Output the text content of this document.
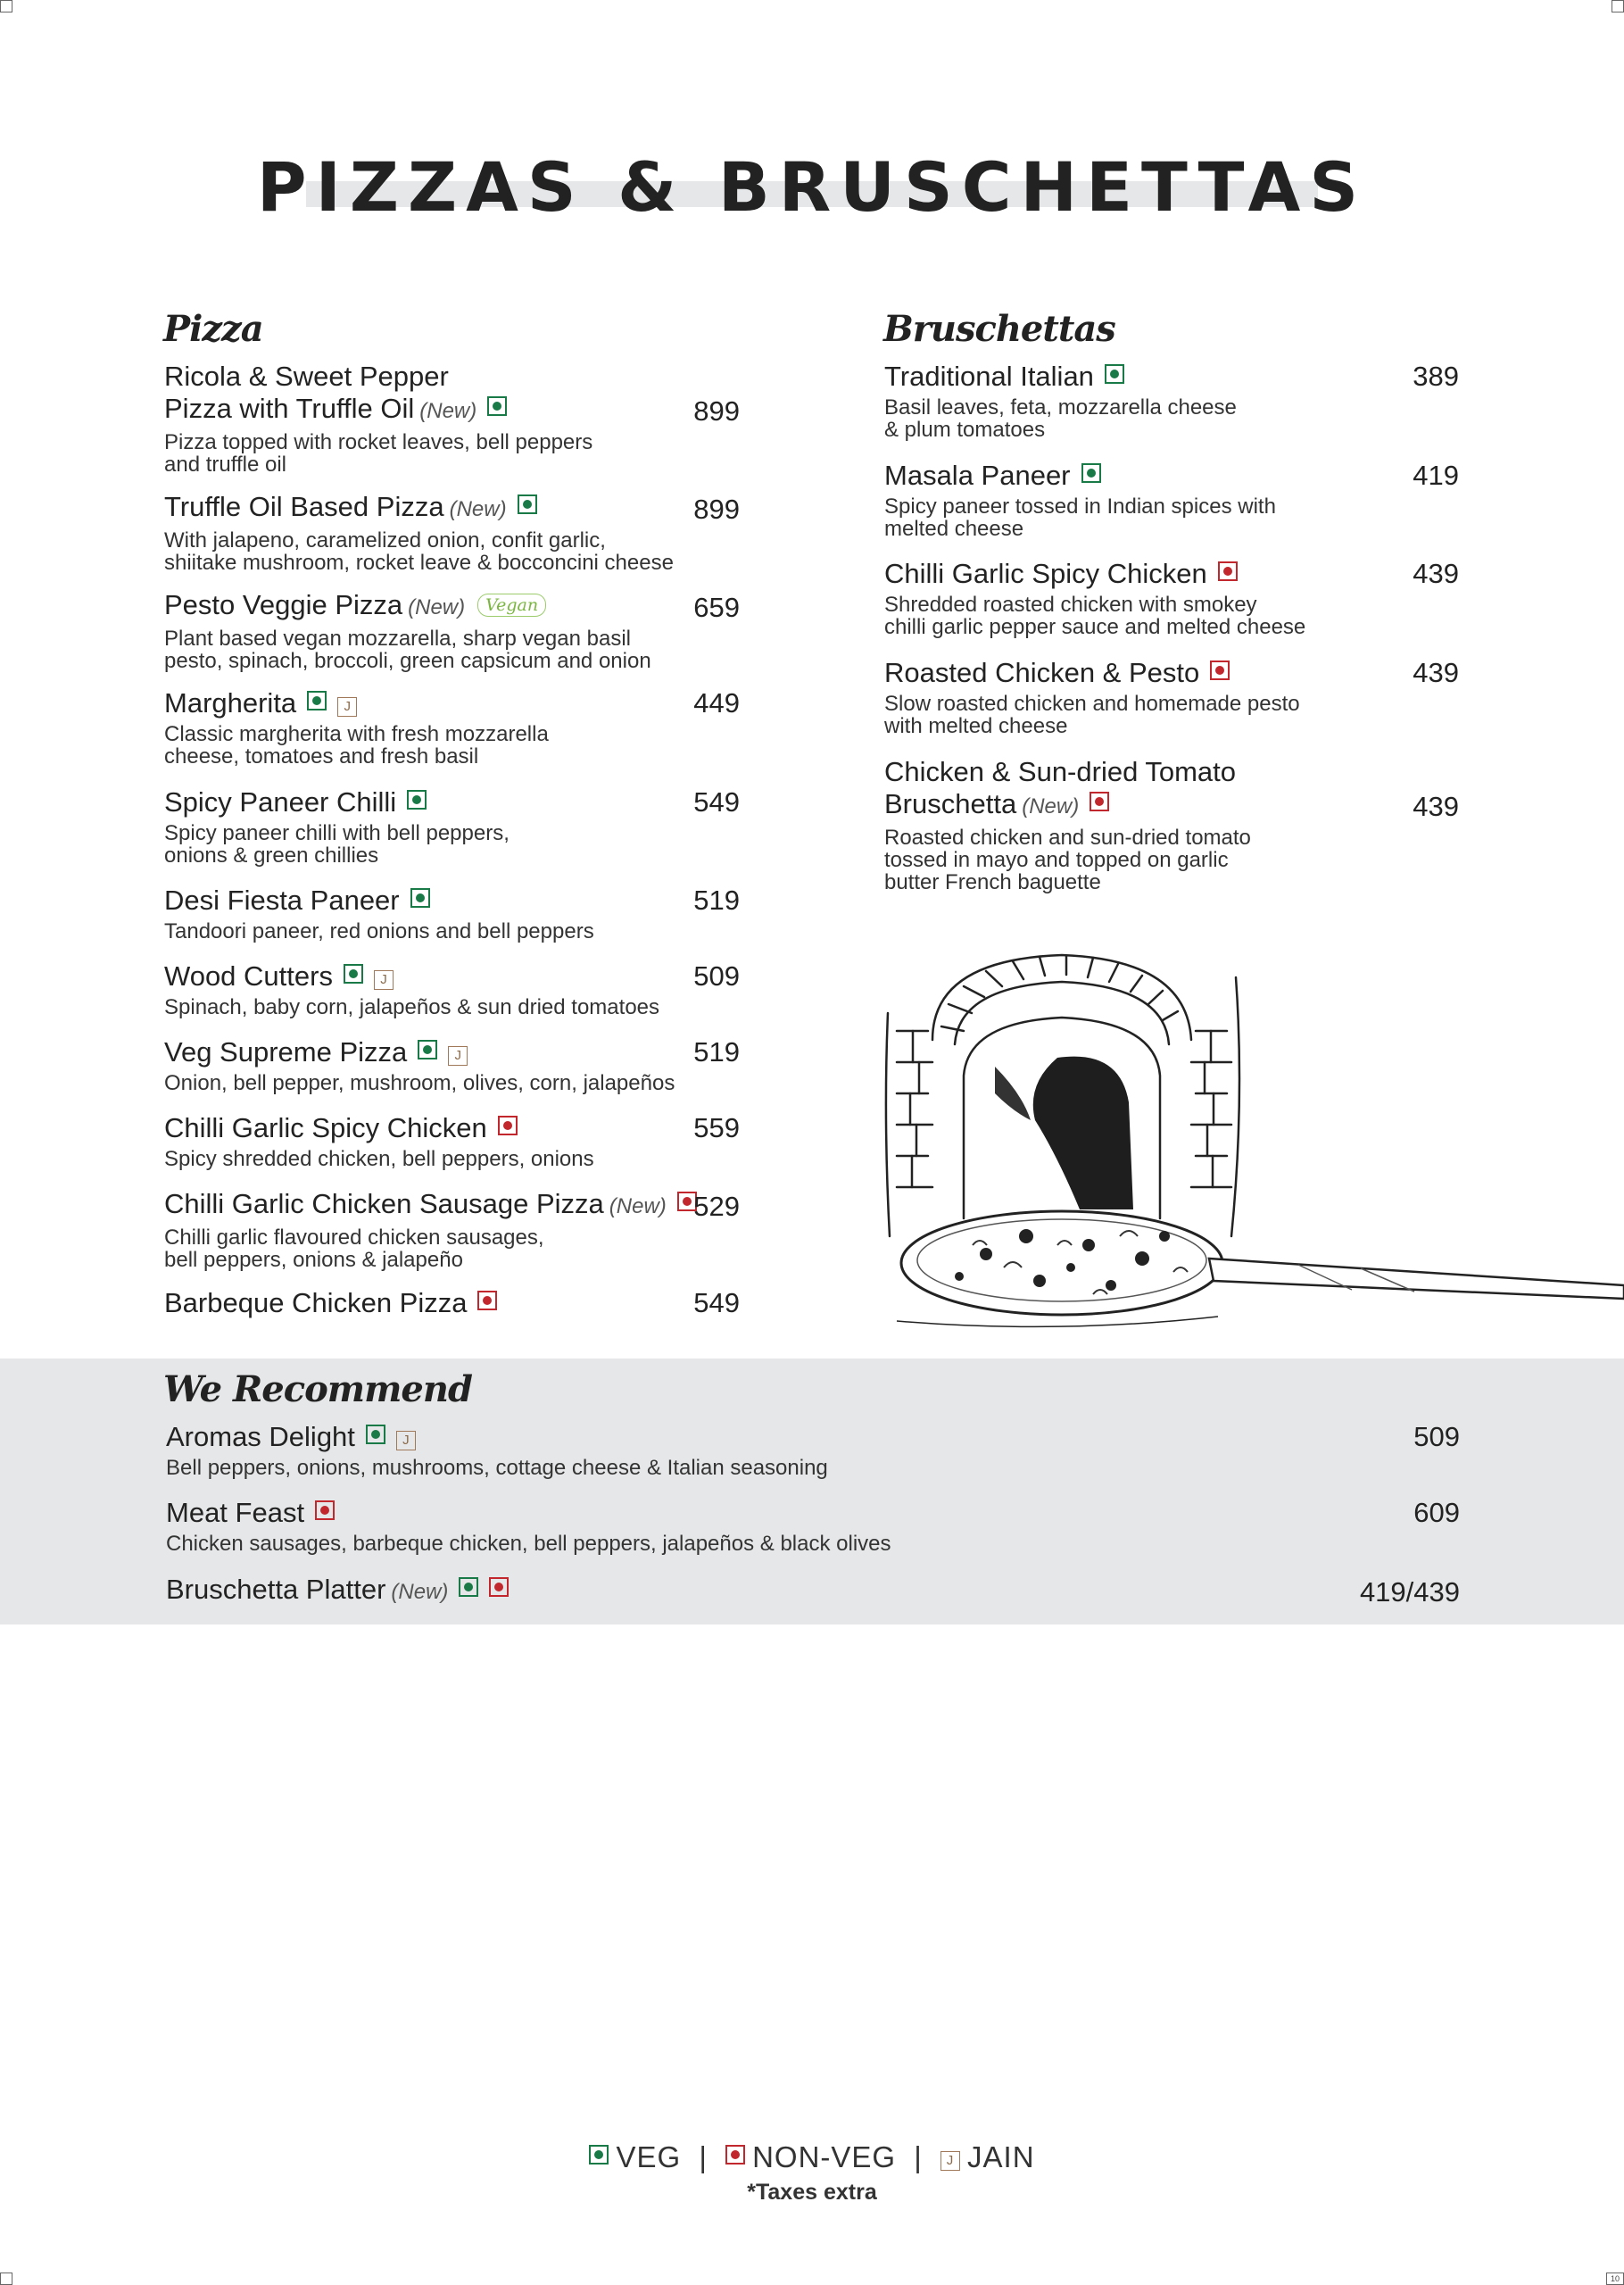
10
PIZZAS & BRUSCHETTAS
Pizza
Ricola & Sweet Pepper
Pizza with Truffle Oil (New)	899
Pizza topped with rocket leaves, bell peppers
and truffle oil
Truffle Oil Based Pizza (New)	899
With jalapeno, caramelized onion, confit garlic,
shiitake mushroom, rocket leave & bocconcini cheese
Pesto Veggie Pizza (New) Vegan	659
Plant based vegan mozzarella, sharp vegan basil
pesto, spinach, broccoli, green capsicum and onion
Margherita	J	449
Classic margherita with fresh mozzarella
cheese, tomatoes and fresh basil
Spicy Paneer Chilli	549
Spicy paneer chilli with bell peppers,
onions & green chillies
Desi Fiesta Paneer	519
Tandoori paneer, red onions and bell peppers
Wood Cutters	J	509
Spinach, baby corn, jalapeños & sun dried tomatoes
Veg Supreme Pizza	J	519
Onion, bell pepper, mushroom, olives, corn, jalapeños
Chilli Garlic Spicy Chicken	559
Spicy shredded chicken, bell peppers, onions
Chilli Garlic Chicken Sausage Pizza (New) 529
Chilli garlic flavoured chicken sausages,
bell peppers, onions & jalapeño
Barbeque Chicken Pizza	549
Bruschettas
Traditional Italian	389
Basil leaves, feta, mozzarella cheese
& plum tomatoes
Masala Paneer	419
Spicy paneer tossed in Indian spices with
melted cheese
Chilli Garlic Spicy Chicken	439
Shredded roasted chicken with smokey
chilli garlic pepper sauce and melted cheese
Roasted Chicken & Pesto	439
Slow roasted chicken and homemade pesto
with melted cheese
Chicken & Sun-dried Tomato
Bruschetta (New)	439
Roasted chicken and sun-dried tomato
tossed in mayo and topped on garlic
butter French baguette
We Recommend
Aromas Delight	J	509
Bell peppers, onions, mushrooms, cottage cheese & Italian seasoning
Meat Feast	609
Chicken sausages, barbeque chicken, bell peppers, jalapeños & black olives
Bruschetta Platter (New)	419/439
VEG | NON-VEG | J JAIN
*Taxes extra
